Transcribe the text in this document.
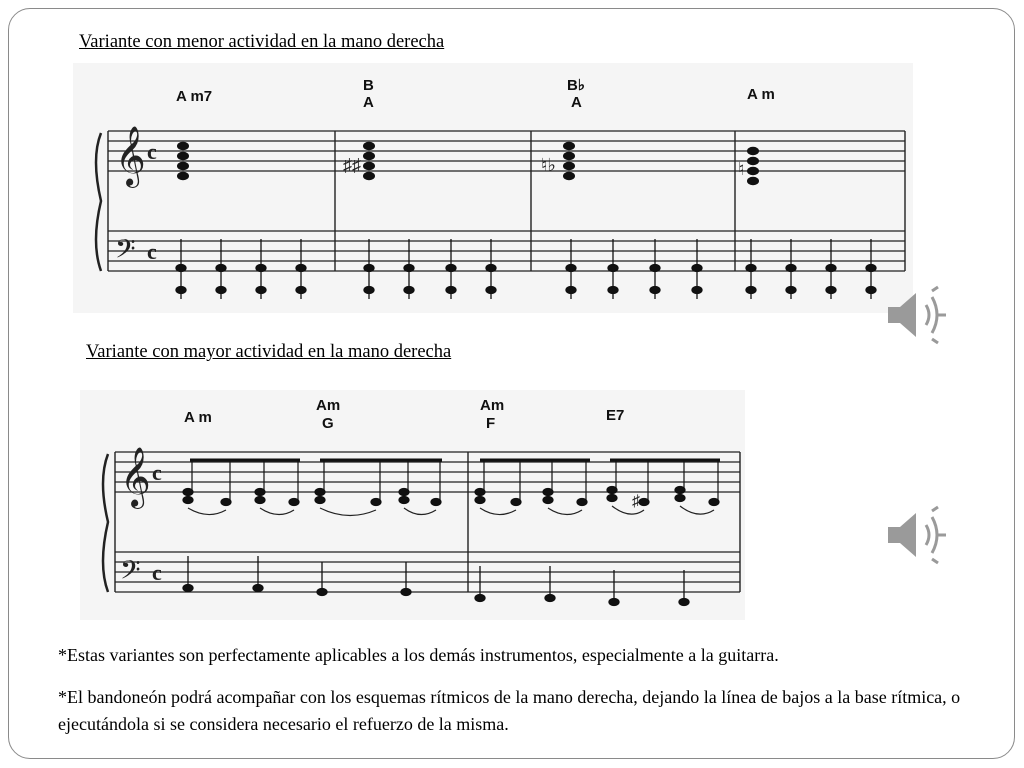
Variante con menor actividad en la mano derecha
𝄞
𝄢
c
c
A m7
B
A
B♭
A	A m
♯♯	♮♭	♮
Variante con mayor actividad en la mano derecha
𝄞
𝄢
c
c
A m
Am
G
Am
F	E7
♯
*Estas variantes son perfectamente aplicables a los demás instrumentos, especialmente a la guitarra.
*El bandoneón podrá acompañar con los esquemas rítmicos de la mano derecha, dejando la línea de bajos a la base rítmica, o ejecutándola si se considera necesario el refuerzo de la misma.
